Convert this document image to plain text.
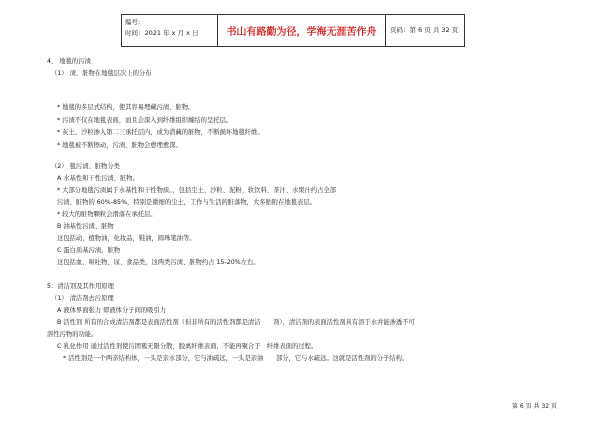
编号:
时间：2021 年 x 月 x 日	书山有路勤为径，学海无涯苦作舟 页码：第 6 页 共 32 页
4、 地毯的污渍
（1） 渍、脏物在地毯层次上的分布
* 地毯的多层式结构，使其容易埋藏污渍、脏物。
* 污渍不仅在地毯表面，而且会深入到纤维组织缠结的呈托层。
* 灰土、沙粒渗入第二三承托层内，成为潜藏的脏物，不断损坏地毯纤维。
* 地毯被不断擦动，污渍、脏物会愈埋愈深。
（2） 毯污渍、脏物分类
A 水基性和干性污渍、脏物。
* 大部分地毯污渍属于水基性和干性物质。，包括尘土、沙粒、泥粉、软饮料、茶汁、水果汁约占全部
污渍、脏物的 60%-85%，特别是微细的尘土，工作与生活的脏落物，大多贴附在地毯表层。
* 较大的脏物颗粒会滑落在承托层。
B 油基性污渍、脏物
这包括动、植物油，化妆品，鞋油，圆珠笔油等。
C 蛋白质基污渍，脏物
这包括血、呕吐物、尿、食品类，这两类污渍、脏物约占 15-20%左右。
5：清洁剂及其作用原理
（1） 清洁剂去污原理
A 液体界面张力 即液体分子间的吸引力
B 活性剂 所有的合成清洁剂都是表面活性剂（但非所有的活性剂都是清洁　　剂），清洁剂的表面活性剂具有溶于水并能渗透不可
溶性污物的功能。
C 乳化作用 通过活性剂使污团簇无限分散，脱离纤维表面，不能再聚合于　纤维表面的过程。
* 活性剂是一个两亲结构体，一头是亲水部分，它与油疏远，一头是亲油　　部分，它与水疏远。这就是活性剂的分子结构。
第 6 页 共 32 页
